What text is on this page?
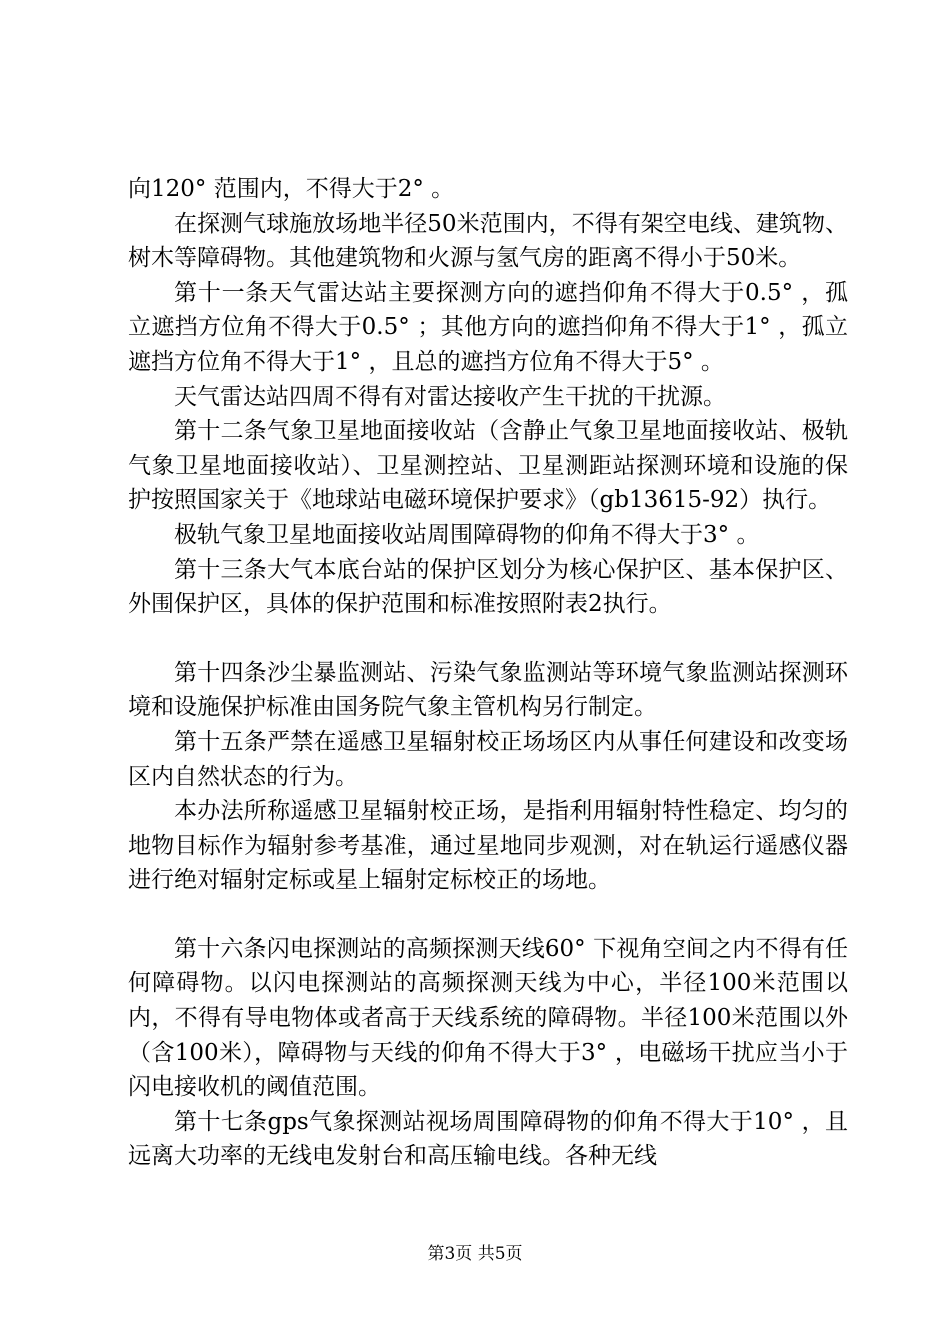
向120° 范围内，不得大于2° 。

在探测气球施放场地半径50米范围内，不得有架空电线、建筑物、树木等障碍物。其他建筑物和火源与氢气房的距离不得小于50米。

第十一条天气雷达站主要探测方向的遮挡仰角不得大于0.5° ，孤立遮挡方位角不得大于0.5° ；其他方向的遮挡仰角不得大于1° ，孤立遮挡方位角不得大于1° ，且总的遮挡方位角不得大于5° 。

天气雷达站四周不得有对雷达接收产生干扰的干扰源。

第十二条气象卫星地面接收站（含静止气象卫星地面接收站、极轨气象卫星地面接收站）、卫星测控站、卫星测距站探测环境和设施的保护按照国家关于《地球站电磁环境保护要求》（gb13615-92）执行。

极轨气象卫星地面接收站周围障碍物的仰角不得大于3° 。

第十三条大气本底台站的保护区划分为核心保护区、基本保护区、外围保护区，具体的保护范围和标准按照附表2执行。

第十四条沙尘暴监测站、污染气象监测站等环境气象监测站探测环境和设施保护标准由国务院气象主管机构另行制定。

第十五条严禁在遥感卫星辐射校正场场区内从事任何建设和改变场区内自然状态的行为。

本办法所称遥感卫星辐射校正场，是指利用辐射特性稳定、均匀的地物目标作为辐射参考基准，通过星地同步观测，对在轨运行遥感仪器进行绝对辐射定标或星上辐射定标校正的场地。

第十六条闪电探测站的高频探测天线60° 下视角空间之内不得有任何障碍物。以闪电探测站的高频探测天线为中心，半径100米范围以内，不得有导电物体或者高于天线系统的障碍物。半径100米范围以外（含100米），障碍物与天线的仰角不得大于3° ，电磁场干扰应当小于闪电接收机的阈值范围。

第十七条gps气象探测站视场周围障碍物的仰角不得大于10° ，且远离大功率的无线电发射台和高压输电线。各种无线

第3页 共5页
